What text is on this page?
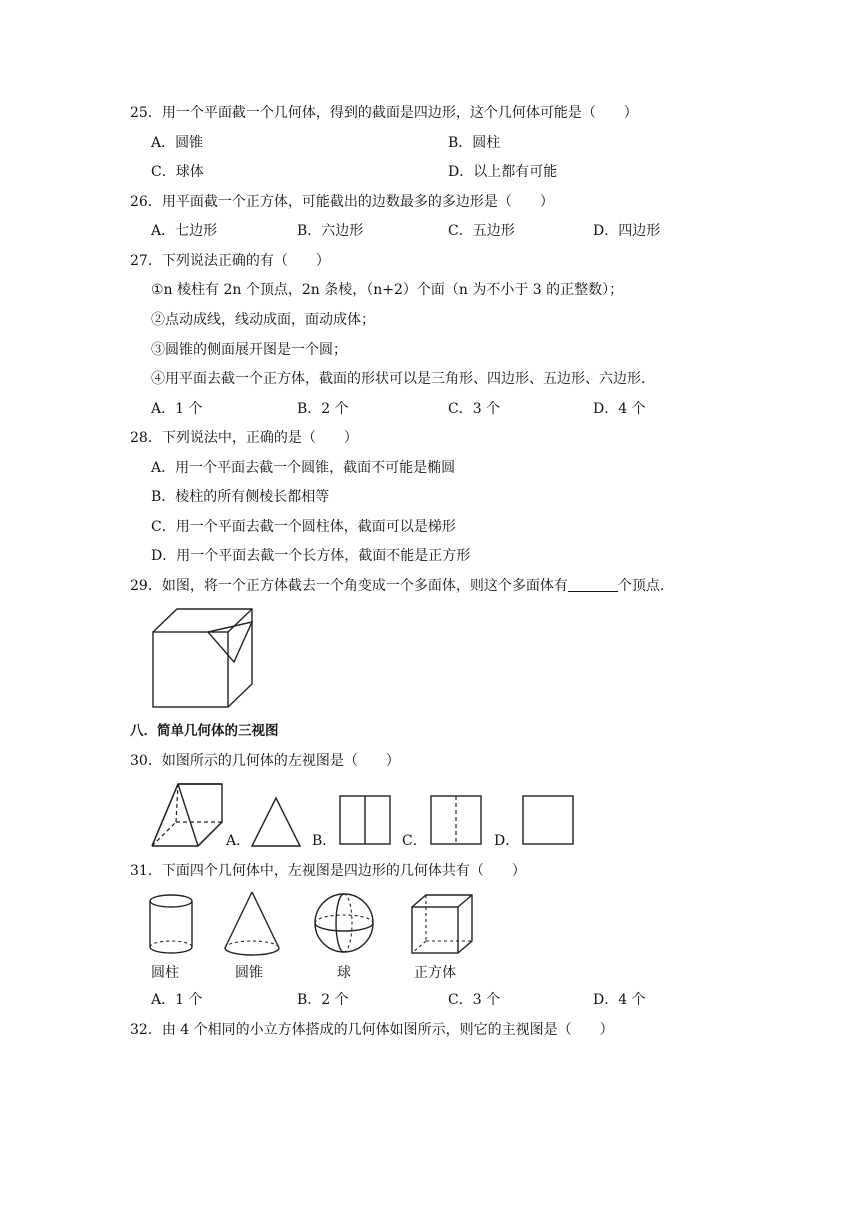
25．用一个平面截一个几何体，得到的截面是四边形，这个几何体可能是（　　）
A．圆锥	B．圆柱
C．球体	D．以上都有可能
26．用平面截一个正方体，可能截出的边数最多的多边形是（　　）
A．七边形	B．六边形	C．五边形	D．四边形
27．下列说法正确的有（　　）
①n 棱柱有 2n 个顶点，2n 条棱，（n+2）个面（n 为不小于 3 的正整数）；
②点动成线，线动成面，面动成体；
③圆锥的侧面展开图是一个圆；
④用平面去截一个正方体，截面的形状可以是三角形、四边形、五边形、六边形．
A．1 个	B．2 个	C．3 个	D．4 个
28．下列说法中，正确的是（　　）
A．用一个平面去截一个圆锥，截面不可能是椭圆
B．棱柱的所有侧棱长都相等
C．用一个平面去截一个圆柱体，截面可以是梯形
D．用一个平面去截一个长方体，截面不能是正方形
29．如图，将一个正方体截去一个角变成一个多面体，则这个多面体有	个顶点．
八．简单几何体的三视图
30．如图所示的几何体的左视图是（　　）
A．	B．	C．	D．
31．下面四个几何体中，左视图是四边形的几何体共有（　　）
圆柱	圆锥	球	正方体
A．1 个	B．2 个	C．3 个	D．4 个
32．由 4 个相同的小立方体搭成的几何体如图所示，则它的主视图是（　　）
